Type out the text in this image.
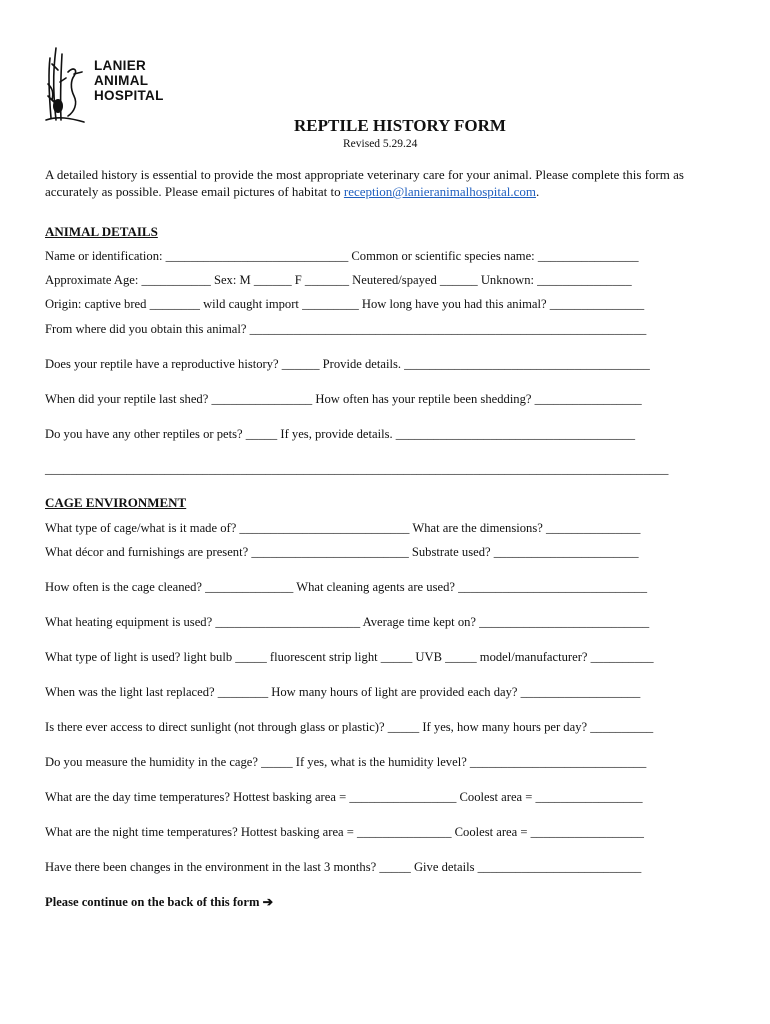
LANIER
ANIMAL
HOSPITAL
REPTILE HISTORY FORM
Revised 5.29.24
A detailed history is essential to provide the most appropriate veterinary care for your animal. Please complete this form as accurately as possible. Please email pictures of habitat to reception@lanieranimalhospital.com.
ANIMAL DETAILS
Name or identification: _____________________________ Common or scientific species name: ________________
Approximate Age: ___________ Sex: M ______ F _______ Neutered/spayed ______ Unknown: _______________
Origin: captive bred ________ wild caught import _________ How long have you had this animal? _______________
From where did you obtain this animal? _______________________________________________________________
Does your reptile have a reproductive history? ______ Provide details. _______________________________________
When did your reptile last shed? ________________ How often has your reptile been shedding? _________________
Do you have any other reptiles or pets? _____ If yes, provide details. ______________________________________
___________________________________________________________________________________________________
CAGE ENVIRONMENT
What type of cage/what is it made of? ___________________________ What are the dimensions? _______________
What décor and furnishings are present? _________________________ Substrate used? _______________________
How often is the cage cleaned? ______________ What cleaning agents are used? ______________________________
What heating equipment is used? _______________________ Average time kept on? ___________________________
What type of light is used? light bulb _____ fluorescent strip light _____ UVB _____ model/manufacturer? __________
When was the light last replaced? ________ How many hours of light are provided each day? ___________________
Is there ever access to direct sunlight (not through glass or plastic)? _____ If yes, how many hours per day? __________
Do you measure the humidity in the cage? _____ If yes, what is the humidity level? ____________________________
What are the day time temperatures? Hottest basking area = _________________ Coolest area = _________________
What are the night time temperatures? Hottest basking area = _______________ Coolest area = __________________
Have there been changes in the environment in the last 3 months? _____ Give details __________________________
Please continue on the back of this form ➔
